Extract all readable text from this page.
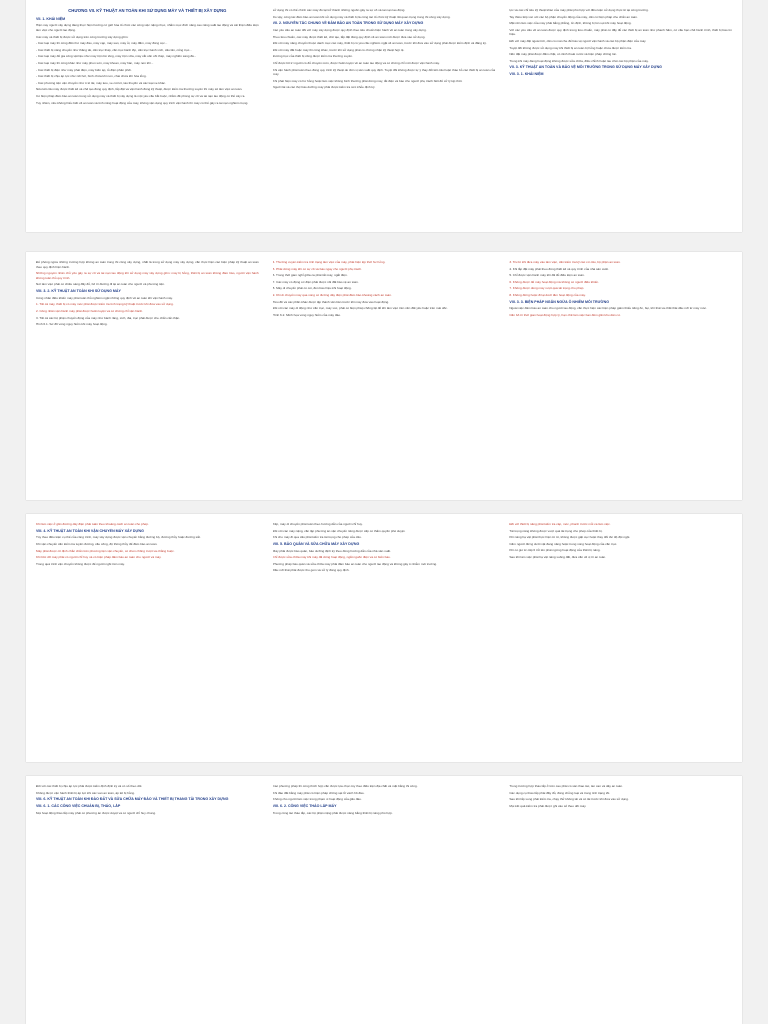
CHƯƠNG VII. KỸ THUẬT AN TOÀN KHI SỬ DỤNG MÁY VÀ THIẾT BỊ XÂY DỰNG
VII. 1. KHÁI NIỆM

Hiện nay người xây dựng đang thực hiện hướng cơ giới hóa tổ chức các công việc nặng nhọc, nhằm mục đích nâng cao năng suất lao động và cải thiện điều kiện làm việc cho người lao động.

Các máy và thiết bị được sử dụng trên công trường xây dựng gồm:

- Các loại máy thi công đất như máy đào, máy cạp, máy san, máy ủi, máy đầm, máy đóng cọc...

- Các thiết bị nâng chuyển như thăng tải, cần trục tháp, cần trục bánh lốp, cần trục bánh xích, cầu lăn, cổng trục...

- Các loại máy để gia công vật liệu như máy trộn bê tông, máy trộn vữa, máy cắt uốn cốt thép, máy nghiền sàng đá...

- Các loại máy thi công khác như máy phun sơn, máy khoan, máy hàn, máy nén khí...

- Các thiết bị điện như máy phát điện, máy biến áp, tủ điện phân phối.

- Các thiết bị chịu áp lực như nồi hơi, bình chứa khí nén, chai chứa khí hóa lỏng.

- Các phương tiện vận chuyển như ô tô tải, máy kéo, xe cút kít, tàu thuyền và các loại xe khác.

Nếu kết cấu máy được thiết kế và chế tạo đúng quy định, lắp đặt và vận hành đúng kỹ thuật, được kiểm tra thường xuyên thì máy sẽ làm việc an toàn.

Có biện pháp đảm bảo an toàn trong sử dụng máy và thiết bị xây dựng là một yêu cầu bắt buộc, nhằm đề phòng sự cố và tai nạn lao động có thể xảy ra.

Tuy nhiên, nếu không hiểu biết về an toàn và tính năng hoạt động của máy, không vận dụng quy trình vận hành thì máy có thể gây ra tai nạn nghiêm trọng.

sử dụng thì có thể chính các máy đó lại trở thành những nguồn gây ra sự cố và tai nạn lao động.

Do vậy, công tác đảm bảo an toàn khi sử dụng máy và thiết bị là công tác tổ chức kỹ thuật rất quan trọng trong thi công xây dựng.

VII. 2. NGUYÊN TẮC CHUNG VỀ ĐẢM BẢO AN TOÀN TRONG SỬ DỤNG MÁY XÂY DỰNG

Các yêu cầu an toàn đối với máy xây dựng được quy định theo tiêu chuẩn hiện hành về an toàn trong xây dựng.

Theo tiêu chuẩn, các máy được thiết kế, chế tạo, lắp đặt đúng quy định về an toàn mới được đưa vào sử dụng.

Đối với máy nâng chuyển thuộc danh mục các máy, thiết bị có yêu cầu nghiêm ngặt về an toàn, trước khi đưa vào sử dụng phải được kiểm định và đăng ký.

Đối với máy đất hoặc máy thi công khác, trước khi sử dụng phải có chứng nhận kỹ thuật hợp lệ.

Đường trục của thiết bị cũng được kiểm tra thường xuyên.

Chỉ được bố trí người có đủ chuyên môn, được huấn luyện về an toàn lao động và có chứng chỉ mới được vận hành máy.

Khi vận hành phải tuân theo đúng quy trình kỹ thuật do đơn vị sản xuất quy định. Tuyệt đối không được tự ý thay đổi kết cấu hoặc tháo bỏ các thiết bị an toàn của máy.

Khi phát hiện máy có hư hỏng hoặc làm việc không bình thường phải dừng máy, tắt điện và báo cho người phụ trách biết để xử lý kịp thời.

Người lái và các thợ bảo dưỡng máy phải được kiểm tra sức khỏe định kỳ.

lực và các chỉ tiêu kỹ thuật khác của máy phải phù hợp với điều kiện sử dụng thực tế tại công trường.

Tay thiêu tiếp xúc với các bộ phận chuyển động của máy, cần có biện pháp che chắn an toàn.

Mặt nền làm việc của máy phải bằng phẳng, ổn định, không bị lún sụt khi máy hoạt động.

Với các yêu cầu về an toàn được quy định trong tiêu chuẩn, máy phải có đầy đủ các thiết bị an toàn như phanh hãm, cơ cấu hạn chế hành trình, thiết bị báo tín hiệu.

Đối với máy đặt ngoài trời, cần có mái che để bảo vệ người vận hành và các bộ phận điện của máy.

Tuyệt đối không được sử dụng máy khi thiết bị an toàn bị hỏng hoặc chưa được kiểm tra.

Nền đặt máy phải được đầm chặt, có rãnh thoát nước và biện pháp chống lún.

Trong khi máy đang hoạt động không được sửa chữa, điều chỉnh hoặc lau chùi các bộ phận của máy.

VII. 3. KỸ THUẬT AN TOÀN VÀ BẢO VỆ MÔI TRƯỜNG TRONG SỬ DỤNG MÁY XÂY DỰNG
VIII. 3. 1. KHÁI NIỆM

Để phòng ngừa những trường hợp không an toàn trong thi công xây dựng, nhất là trong sử dụng máy xây dựng, cần thực hiện các biện pháp kỹ thuật an toàn theo quy định hiện hành.

Những nguyên nhân chủ yếu gây ra sự cố và tai nạn lao động khi sử dụng máy xây dựng gồm: máy bị hỏng, thiết bị an toàn không đảm bảo, người vận hành không tuân thủ quy trình.

Nơi làm việc phải có chiếu sáng đầy đủ, bố trí đường đi lại an toàn cho người và phương tiện.

VIII. 3. 2. KỸ THUẬT AN TOÀN KHI SỬ DỤNG MÁY

Công nhân điều khiển máy phải tuân thủ nghiêm ngặt những quy định về an toàn khi vận hành máy.

1. Tất cả máy, thiết bị có máy móc phải được kiểm tra tình trạng kỹ thuật trước khi đưa vào sử dụng.

2. Công nhân vận hành máy phải được huấn luyện và có chứng chỉ vận hành.

3. Tất cả các bộ phận chuyển động của máy như bánh răng, xích, đai, trục phải được che chắn cẩn thận.

Hình 6.1. Sơ đồ vùng nguy hiểm khi máy hoạt động.

4. Thường xuyên kiểm tra tình trạng làm việc của máy, phát hiện kịp thời hư hỏng.

5. Phải dừng máy khi có sự cố và báo ngay cho người phụ trách.

6. Trong thời gian nghỉ giữa ca phải tắt máy, ngắt điện.

7. Các máy có động cơ điện phải được nối đất bảo vệ an toàn.

8. Máy di chuyển phải có còi, đèn báo hiệu khi hoạt động.

9. Khi di chuyển máy qua vùng có đường dây điện phải đảm bảo khoảng cách an toàn.

Tiêu đề và các phần khác được lập thành văn bản trước khi máy đưa vào hoạt động.

Đối với các máy di động như cần trục, máy xúc, phải có biện pháp chống lật đổ khi làm việc trên nền đất yếu hoặc trên mái dốc.

Hình 6.2. Minh họa vùng nguy hiểm của máy đào.

3. Trước khi đưa máy vào làm việc, cần kiểm tra kỹ các cơ cấu, bộ phận an toàn.

4. Khi lắp đặt máy phải theo đúng thiết kế và quy trình của nhà sản xuất.

5. Chỉ được vận hành máy khi đã đủ điều kiện an toàn.

6. Không được để máy hoạt động mà không có người điều khiển.

7. Không được dùng máy vượt quá tải trọng cho phép.

8. Không đứng hoặc đi lại dưới tầm hoạt động của máy.

VIII. 3. 3. BIỆN PHÁP NGĂN NGỪA Ô NHIỄM MÔI TRƯỜNG

Ngoài việc đảm bảo an toàn cho người lao động, cần thực hiện các biện pháp giảm thiểu tiếng ồn, bụi, khí thải và chất thải dầu mỡ từ máy móc.

Cần bố trí thời gian hoạt động hợp lý, hạn chế làm việc ban đêm gần khu dân cư.

Khi làm việc ở gần đường dây điện phải tuân theo khoảng cách an toàn cho phép.

VIII. 4. KỸ THUẬT AN TOÀN KHI VẬN CHUYỂN MÁY XÂY DỰNG

Tùy theo điều kiện cụ thể của công trình, máy xây dựng được vận chuyển bằng đường bộ, đường thủy hoặc đường sắt.

Khi vận chuyển cần kiểm tra tuyến đường, cầu cống, độ thông thủy để đảm bảo an toàn.

Máy phải được cố định chắc chắn trên phương tiện vận chuyển, có chèn chống trượt và chằng buộc.

Khi bốc dỡ máy phải có người chỉ huy và có biện pháp đảm bảo an toàn cho người và máy.

Trong quá trình vận chuyển không được để người ngồi trên máy.

Xếp, máy di chuyển phải tuân theo hướng dẫn của người chỉ huy.

Đối với các máy nặng, cần lập phương án vận chuyển riêng được cấp có thẩm quyền phê duyệt.

Khi cho máy đi qua cầu phải kiểm tra tải trọng cho phép của cầu.

VIII. 5. BẢO QUẢN VÀ SỬA CHỮA MÁY XÂY DỰNG

Máy phải được bảo quản, bảo dưỡng định kỳ theo đúng hướng dẫn của nhà sản xuất.

Chỉ được sửa chữa máy khi máy đã dừng hoạt động, ngắt nguồn điện và có biển báo.

Phương pháp bảo quản và sửa chữa máy phải đảm bảo an toàn cho người lao động và không gây ô nhiễm môi trường.

Dầu mỡ thải phải được thu gom và xử lý đúng quy định.

Đối với thiết bị nâng phải kiểm tra cáp, móc, phanh trước mỗi ca làm việc.

Tải trọng nâng không được vượt quá tải trọng cho phép của thiết bị.

Khi nâng hạ vật phải thực hiện từ từ, không được giật cục hoặc thay đổi tốc độ đột ngột.

Cấm người đứng dưới vật đang nâng hoặc trong vùng hoạt động của cần trục.

Khi có gió từ cấp 6 trở lên phải ngừng hoạt động của thiết bị nâng.

Sau khi làm việc phải hạ vật nâng xuống đất, đưa cần về vị trí an toàn.

Đối với các thiết bị chịu áp lực phải được kiểm định định kỳ và có sổ theo dõi.

Không được vận hành thiết bị áp lực khi các van an toàn, áp kế bị hỏng.

VIII. 6. KỸ THUẬT AN TOÀN KHI ĐÀO ĐẤT VÀ SỬA CHỮA MÁY ĐÀO VÀ THIẾT BỊ THANG TẢI TRONG XÂY DỰNG
VIII. 6. 1. CÁC CÔNG VIỆC CHUẨN BỊ, THÁO, LẮP

Mọi hoạt động tháo lắp máy phải có phương án được duyệt và có người chỉ huy chung.

Các phương pháp thi công thích hợp cần được lựa chọn tùy theo điều kiện địa chất và mặt bằng thi công.

Khi đào đất bằng máy phải có biện pháp chống sạt lở vách hố đào.

Không cho người làm việc trong phạm vi hoạt động của gầu đào.

VIII. 6. 2. CÔNG VIỆC THÁO LẮP MÁY

Trong công tác tháo lắp, các bộ phận nặng phải được nâng bằng thiết bị nâng phù hợp.

Trong trường hợp tháo lắp ở trên cao phải có sàn thao tác, lan can và dây an toàn.

Các dụng cụ tháo lắp phải đầy đủ, đúng chủng loại và trong tình trạng tốt.

Sau khi lắp xong phải kiểm tra, chạy thử không tải và có tải trước khi đưa vào sử dụng.

Mọi kết quả kiểm tra phải được ghi vào sổ theo dõi máy.
